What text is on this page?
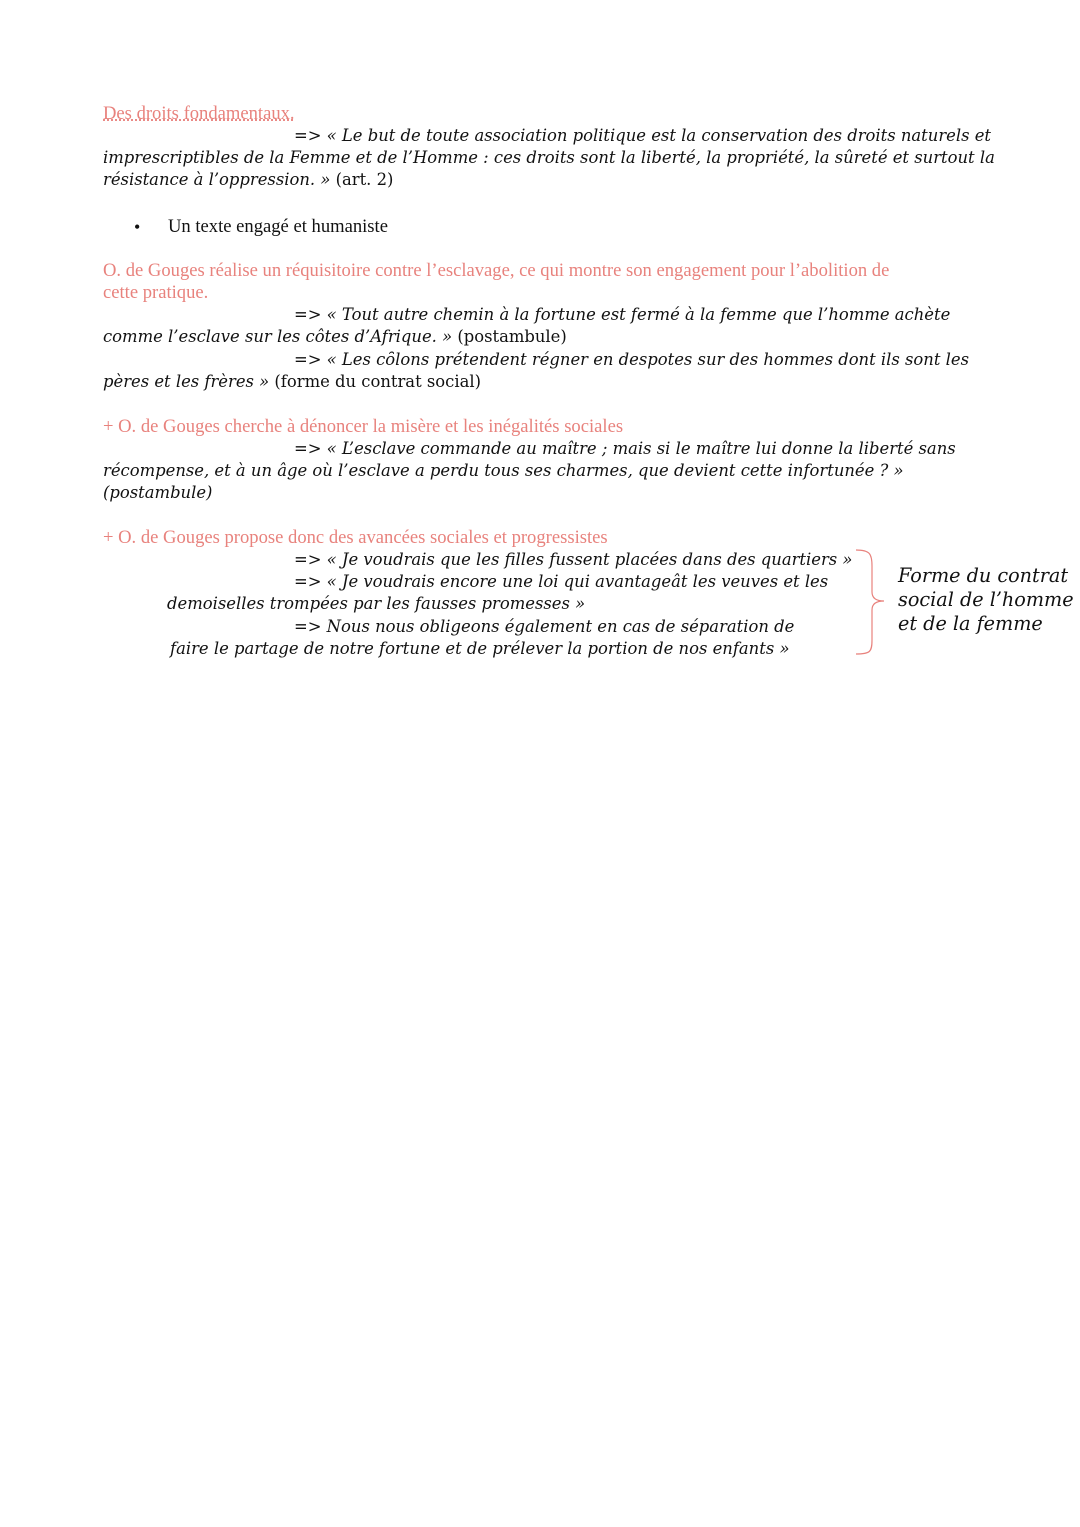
Des droits fondamentaux.
=> « Le but de toute association politique est la conservation des droits naturels et
imprescriptibles de la Femme et de l’Homme : ces droits sont la liberté, la propriété, la sûreté et surtout la
résistance à l’oppression. » (art. 2)
• Un texte engagé et humaniste
O. de Gouges réalise un réquisitoire contre l’esclavage, ce qui montre son engagement pour l’abolition de
cette pratique.
=> « Tout autre chemin à la fortune est fermé à la femme que l’homme achète
comme l’esclave sur les côtes d’Afrique. » (postambule)
=> « Les cȏlons prétendent régner en despotes sur des hommes dont ils sont les
pères et les frères » (forme du contrat social)
+ O. de Gouges cherche à dénoncer la misère et les inégalités sociales
=> « L’esclave commande au maître ; mais si le maître lui donne la liberté sans
récompense, et à un âge où l’esclave a perdu tous ses charmes, que devient cette infortunée ? »
(postambule)
+ O. de Gouges propose donc des avancées sociales et progressistes
=> « Je voudrais que les filles fussent placées dans des quartiers »
=> « Je voudrais encore une loi qui avantageât les veuves et les
demoiselles trompées par les fausses promesses »
=> Nous nous obligeons également en cas de séparation de
faire le partage de notre fortune et de prélever la portion de nos enfants »
Forme du contrat
social de l’homme
et de la femme
